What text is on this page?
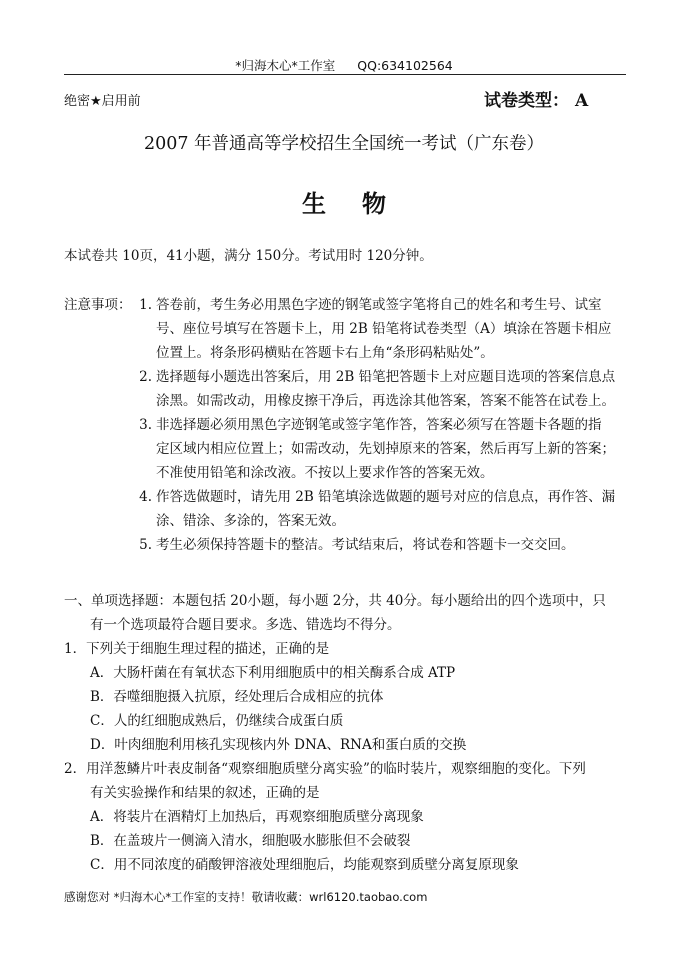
*归海木心*工作室 QQ:634102564
绝密★启用前	试卷类型： A
2007 年普通高等学校招生全国统一考试（广东卷）
生物
本试卷共 10页，41小题，满分 150分。考试用时 120分钟。
注意事项： 1. 答卷前，考生务必用黑色字迹的钢笔或签字笔将自己的姓名和考生号、试室
号、座位号填写在答题卡上，用 2B 铅笔将试卷类型（A）填涂在答题卡相应
位置上。将条形码横贴在答题卡右上角“条形码粘贴处”。
2. 选择题每小题选出答案后，用 2B 铅笔把答题卡上对应题目选项的答案信息点
涂黑。如需改动，用橡皮擦干净后，再选涂其他答案，答案不能答在试卷上。
3. 非选择题必须用黑色字迹钢笔或签字笔作答，答案必须写在答题卡各题的指
定区域内相应位置上；如需改动，先划掉原来的答案，然后再写上新的答案；
不准使用铅笔和涂改液。不按以上要求作答的答案无效。
4. 作答选做题时，请先用 2B 铅笔填涂选做题的题号对应的信息点，再作答、漏
涂、错涂、多涂的，答案无效。
5. 考生必须保持答题卡的整洁。考试结束后，将试卷和答题卡一交交回。
一、单项选择题：本题包括 20小题，每小题 2分，共 40分。每小题给出的四个选项中，只
有一个选项最符合题目要求。多选、错选均不得分。
1．下列关于细胞生理过程的描述，正确的是
A．大肠杆菌在有氧状态下利用细胞质中的相关酶系合成 ATP
B．吞噬细胞摄入抗原，经处理后合成相应的抗体
C．人的红细胞成熟后，仍继续合成蛋白质
D．叶肉细胞利用核孔实现核内外 DNA、RNA和蛋白质的交换
2．用洋葱鳞片叶表皮制备“观察细胞质壁分离实验”的临时装片，观察细胞的变化。下列
有关实验操作和结果的叙述，正确的是
A．将装片在酒精灯上加热后，再观察细胞质壁分离现象
B．在盖玻片一侧滴入清水，细胞吸水膨胀但不会破裂
C．用不同浓度的硝酸钾溶液处理细胞后，均能观察到质壁分离复原现象
感谢您对 *归海木心*工作室的支持！敬请收藏：wrl6120.taobao.com
